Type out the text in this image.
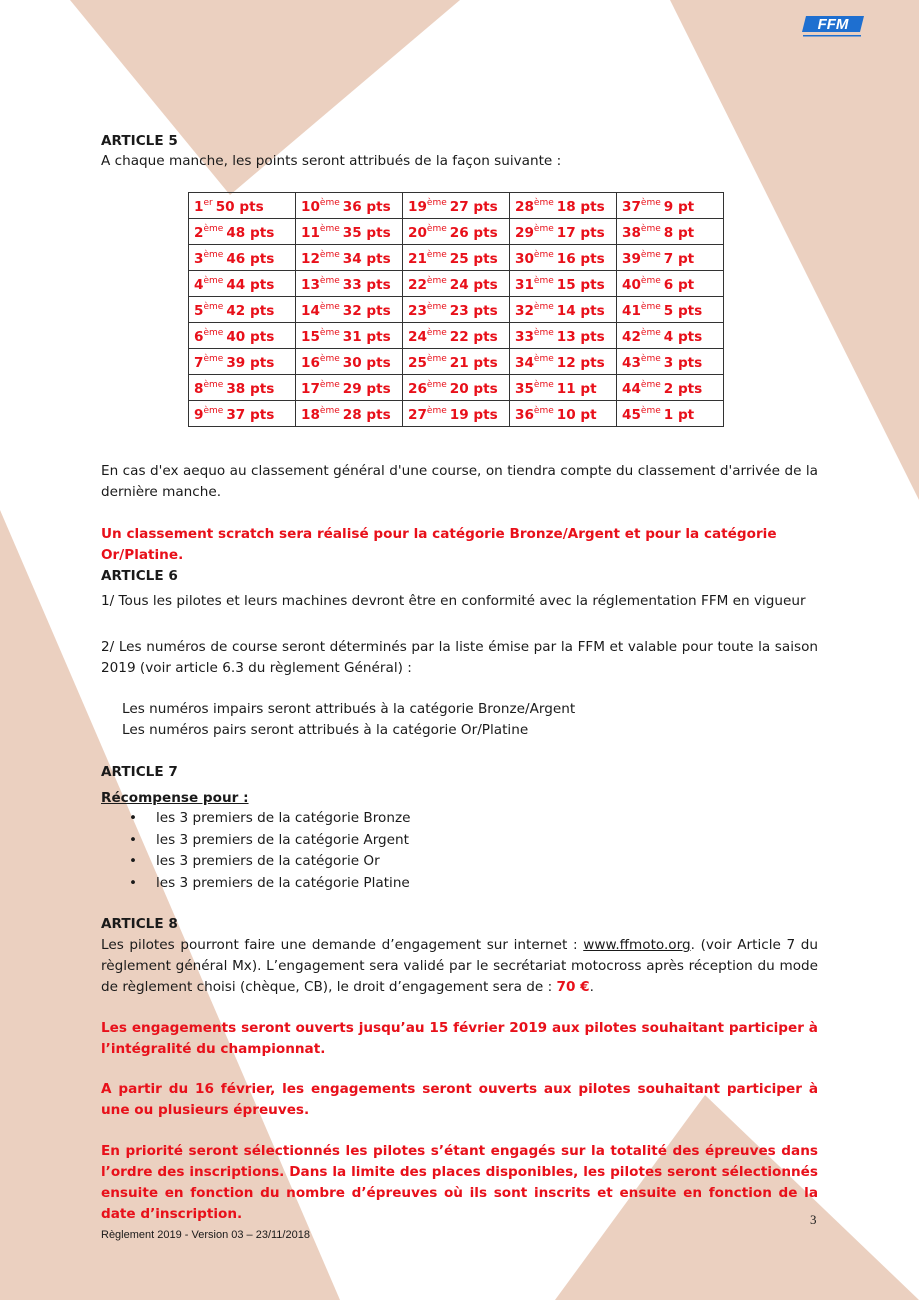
FFM
ARTICLE 5
A chaque manche, les points seront attribués de la façon suivante :
1er 50 pts	10ème 36 pts	19ème 27 pts	28ème 18 pts	37ème 9 pt
2ème 48 pts	11ème 35 pts	20ème 26 pts	29ème 17 pts	38ème 8 pt
3ème 46 pts	12ème 34 pts	21ème 25 pts	30ème 16 pts	39ème 7 pt
4ème 44 pts	13ème 33 pts	22ème 24 pts	31ème 15 pts	40ème 6 pt
5ème 42 pts	14ème 32 pts	23ème 23 pts	32ème 14 pts	41ème 5 pts
6ème 40 pts	15ème 31 pts	24ème 22 pts	33ème 13 pts	42ème 4 pts
7ème 39 pts	16ème 30 pts	25ème 21 pts	34ème 12 pts	43ème 3 pts
8ème 38 pts	17ème 29 pts	26ème 20 pts	35ème 11 pt	44ème 2 pts
9ème 37 pts	18ème 28 pts	27ème 19 pts	36ème 10 pt	45ème 1 pt
En cas d'ex aequo au classement général d'une course, on tiendra compte du classement d'arrivée de la dernière manche.
Un classement scratch sera réalisé pour la catégorie Bronze/Argent et pour la catégorie Or/Platine.
ARTICLE 6
1/ Tous les pilotes et leurs machines devront être en conformité avec la réglementation FFM en vigueur
2/ Les numéros de course seront déterminés par la liste émise par la FFM et valable pour toute la saison 2019 (voir article 6.3 du règlement Général) :
Les numéros impairs seront attribués à la catégorie Bronze/Argent
Les numéros pairs seront attribués à la catégorie Or/Platine
ARTICLE 7
Récompense pour :
• les 3 premiers de la catégorie Bronze
• les 3 premiers de la catégorie Argent
• les 3 premiers de la catégorie Or
• les 3 premiers de la catégorie Platine
ARTICLE 8
Les pilotes pourront faire une demande d’engagement sur internet : www.ffmoto.org. (voir Article 7 du règlement général Mx). L’engagement sera validé par le secrétariat motocross après réception du mode de règlement choisi (chèque, CB), le droit d’engagement sera de : 70 €.
Les engagements seront ouverts jusqu’au 15 février 2019 aux pilotes souhaitant participer à l’intégralité du championnat.
A partir du 16 février, les engagements seront ouverts aux pilotes souhaitant participer à une ou plusieurs épreuves.
En priorité seront sélectionnés les pilotes s’étant engagés sur la totalité des épreuves dans l’ordre des inscriptions. Dans la limite des places disponibles, les pilotes seront sélectionnés ensuite en fonction du nombre d’épreuves où ils sont inscrits et ensuite en fonction de la date d’inscription.	3
Règlement 2019 - Version 03 – 23/11/2018
